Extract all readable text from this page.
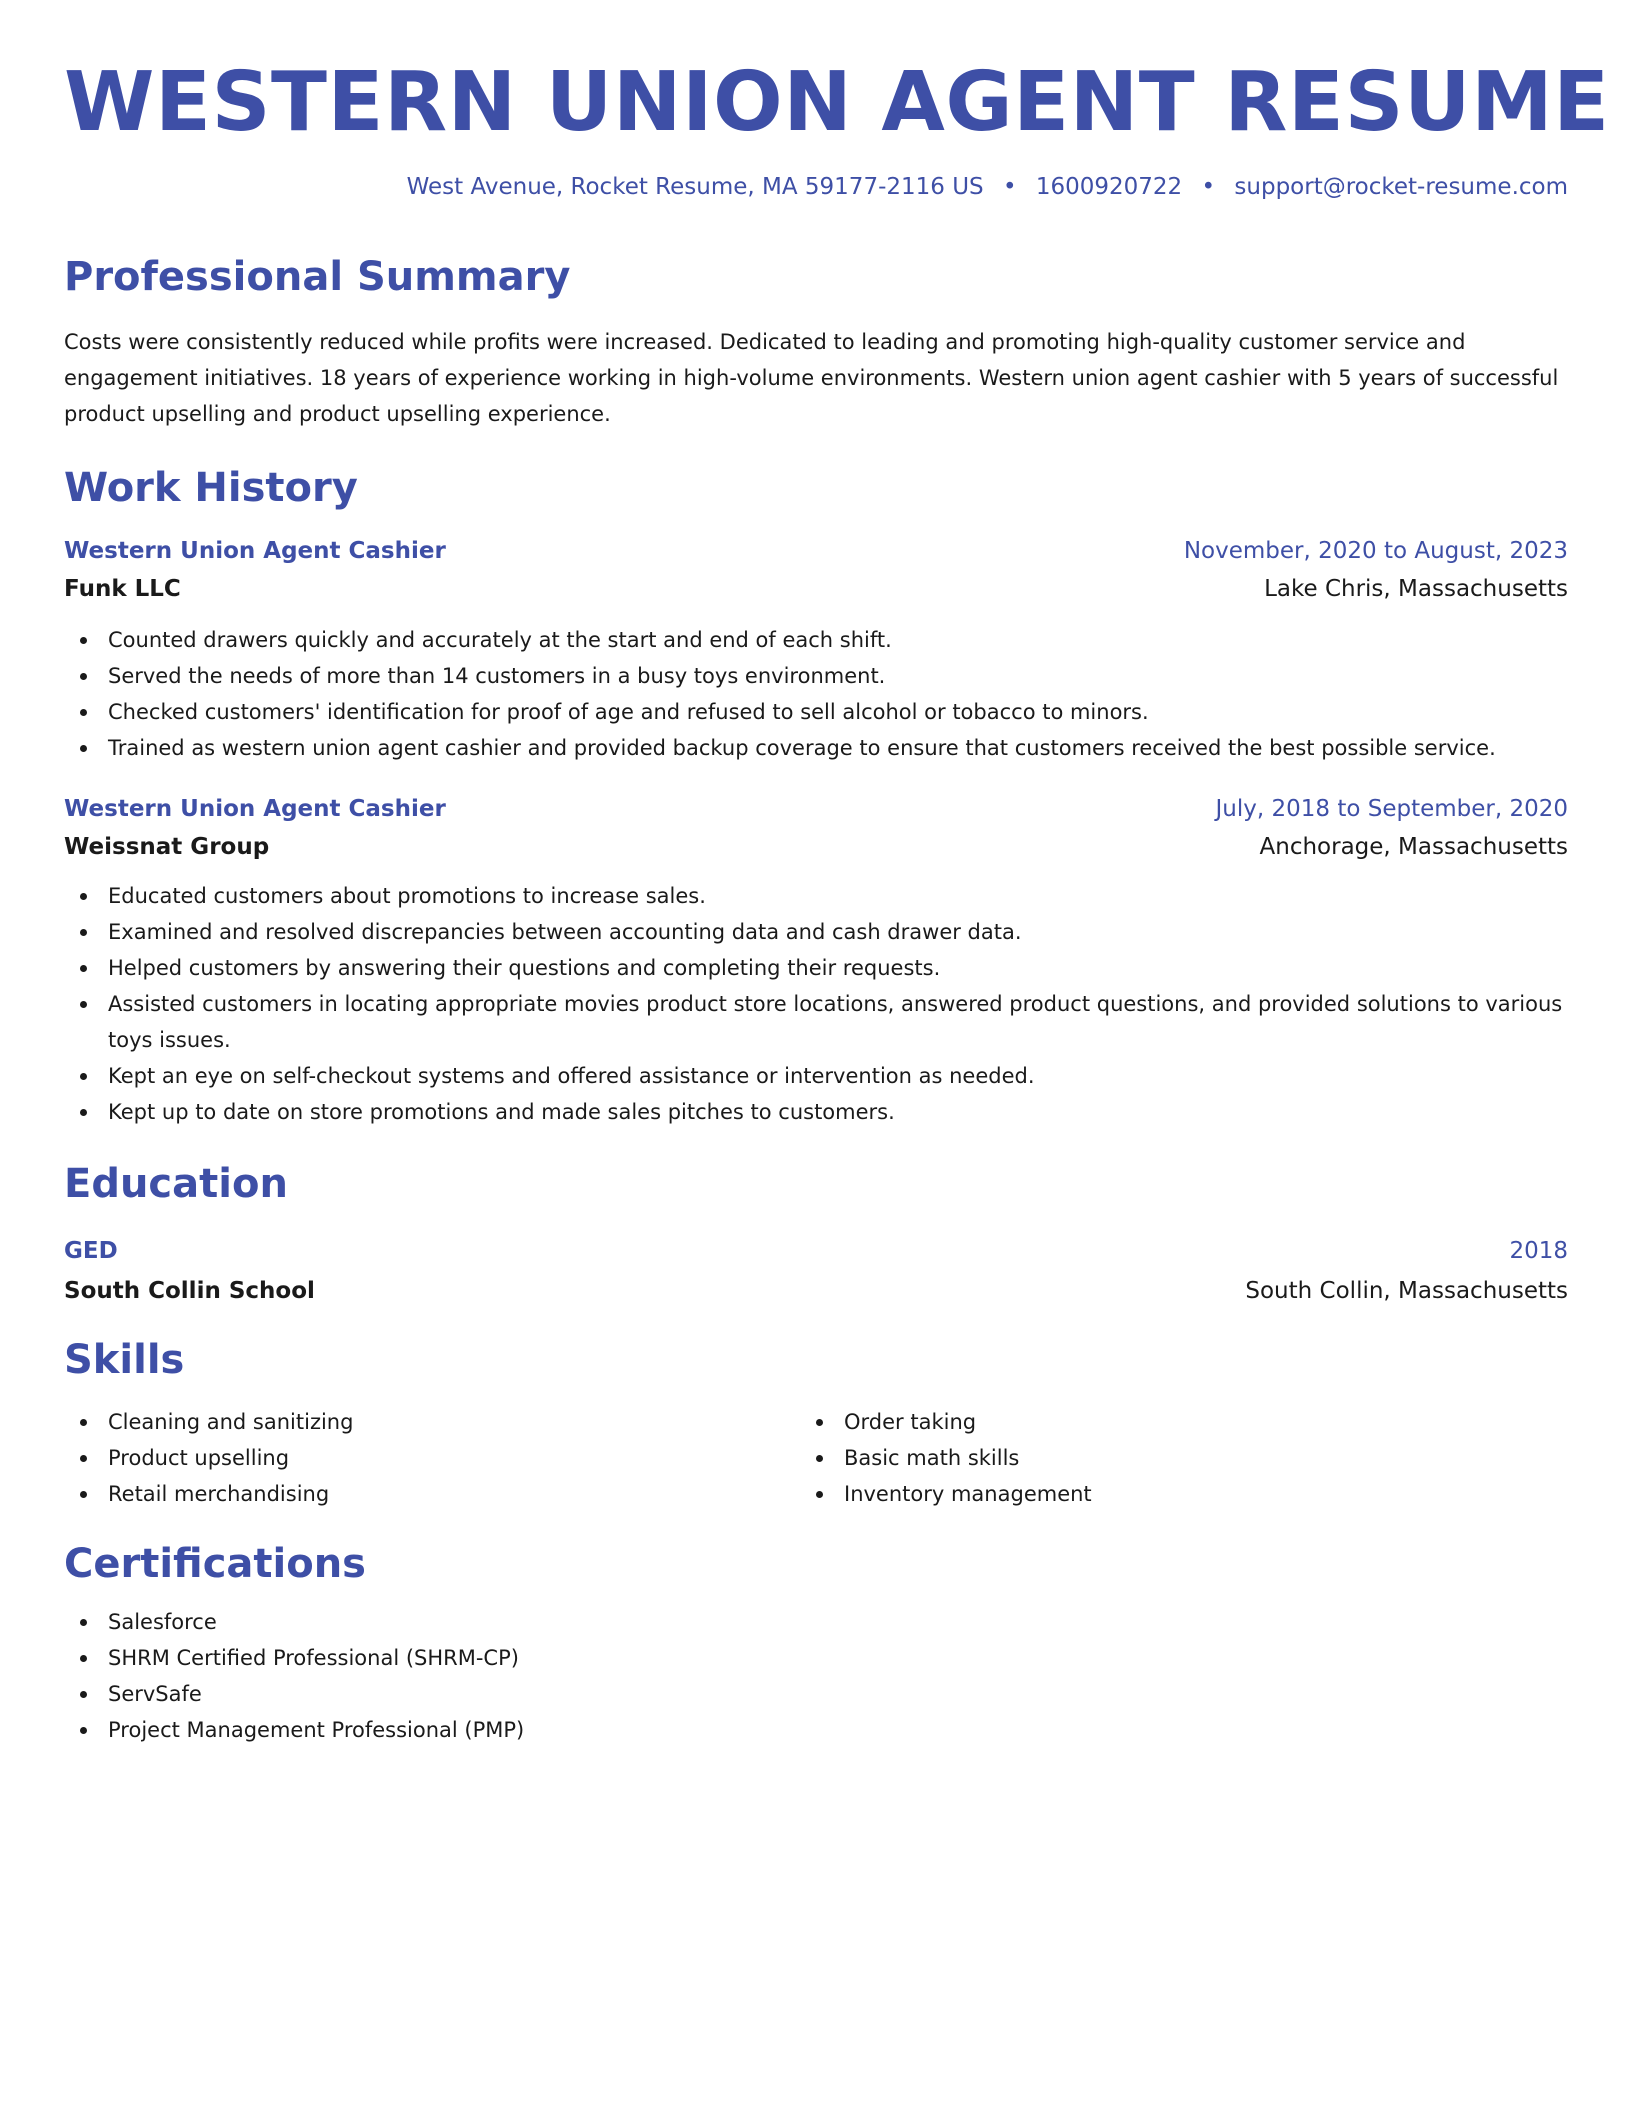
WESTERN UNION AGENT RESUME
West Avenue, Rocket Resume, MA 59177-2116 US • 1600920722 • support@rocket-resume.com
Professional Summary

Costs were consistently reduced while profits were increased. Dedicated to leading and promoting high-quality customer service and engagement initiatives. 18 years of experience working in high-volume environments. Western union agent cashier with 5 years of successful product upselling and product upselling experience.

Work History
Western Union Agent Cashier	November, 2020 to August, 2023
Funk LLC	Lake Chris, Massachusetts
Counted drawers quickly and accurately at the start and end of each shift.
Served the needs of more than 14 customers in a busy toys environment.
Checked customers' identification for proof of age and refused to sell alcohol or tobacco to minors.
Trained as western union agent cashier and provided backup coverage to ensure that customers received the best possible service.
Western Union Agent Cashier	July, 2018 to September, 2020
Weissnat Group	Anchorage, Massachusetts
Educated customers about promotions to increase sales.
Examined and resolved discrepancies between accounting data and cash drawer data.
Helped customers by answering their questions and completing their requests.
Assisted customers in locating appropriate movies product store locations, answered product questions, and provided solutions to various toys issues.
Kept an eye on self-checkout systems and offered assistance or intervention as needed.
Kept up to date on store promotions and made sales pitches to customers.
Education
GED	2018
South Collin School	South Collin, Massachusetts
Skills
Cleaning and sanitizing
Product upselling
Retail merchandising
Order taking
Basic math skills
Inventory management
Certifications
Salesforce
SHRM Certified Professional (SHRM-CP)
ServSafe
Project Management Professional (PMP)
